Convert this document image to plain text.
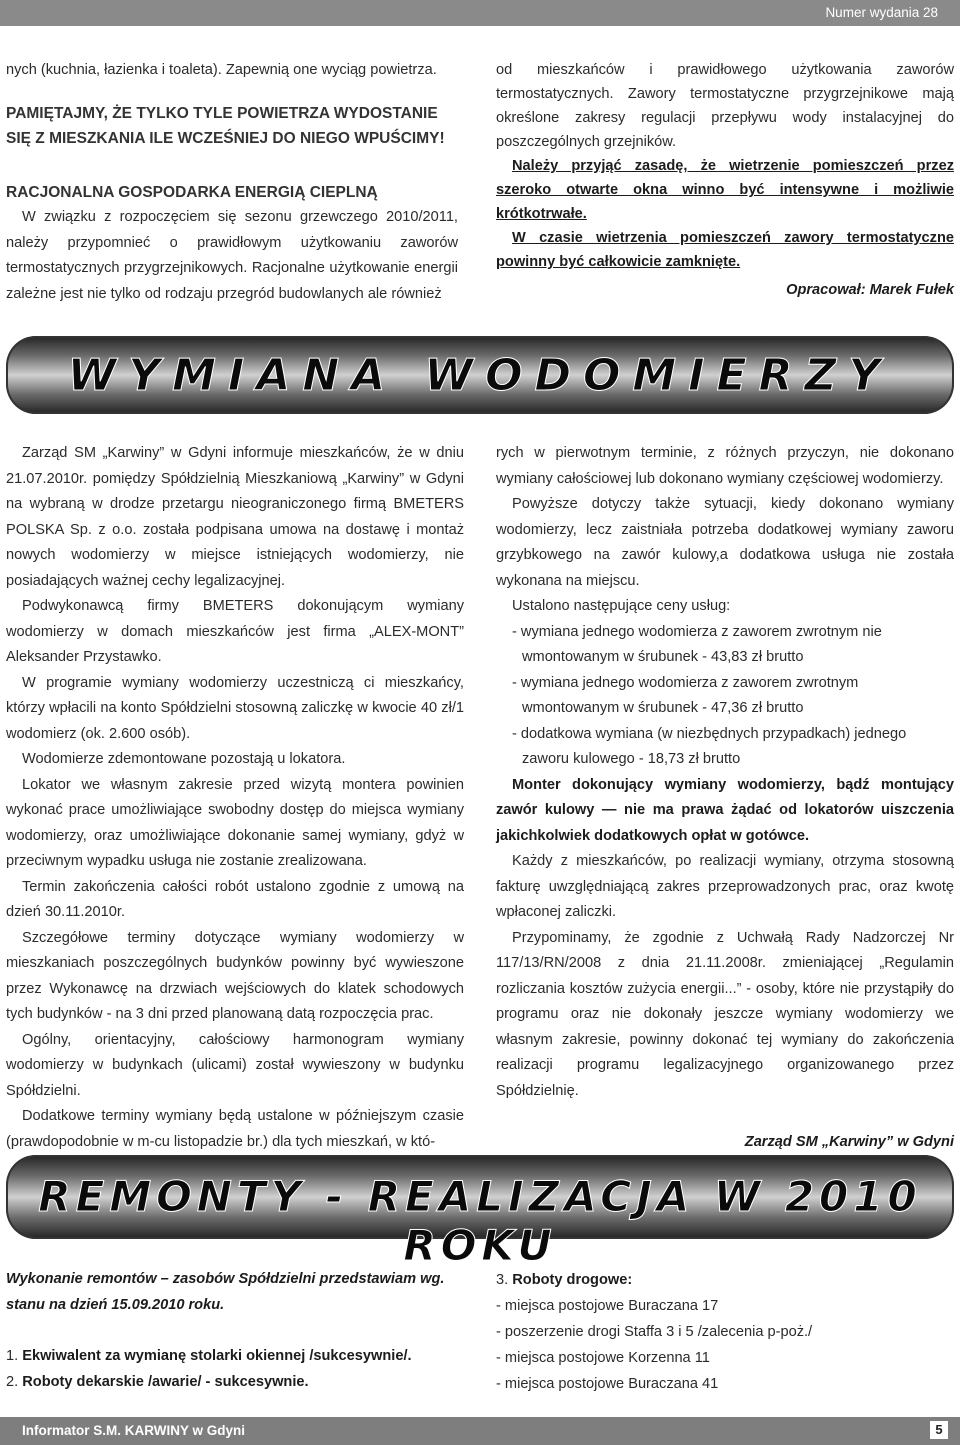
Numer wydania 28

nych (kuchnia, łazienka i toaleta). Zapewnią one wyciąg powietrza.

PAMIĘTAJMY, ŻE TYLKO TYLE POWIETRZA WYDOSTANIE SIĘ Z MIESZKANIA ILE WCZEŚNIEJ DO NIEGO WPUŚCIMY!

RACJONALNA GOSPODARKA ENERGIĄ CIEPLNĄ

W związku z rozpoczęciem się sezonu grzewczego 2010/2011, należy przypomnieć o prawidłowym użytkowaniu zaworów termostatycznych przygrzejnikowych. Racjonalne użytkowanie energii zależne jest nie tylko od rodzaju przegród budowlanych ale również

od mieszkańców i prawidłowego użytkowania zaworów termostatycznych. Zawory termostatyczne przygrzejnikowe mają określone zakresy regulacji przepływu wody instalacyjnej do poszczególnych grzejników.

Należy przyjąć zasadę, że wietrzenie pomieszczeń przez szeroko otwarte okna winno być intensywne i możliwie krótkotrwałe.

W czasie wietrzenia pomieszczeń zawory termostatyczne powinny być całkowicie zamknięte.

Opracował: Marek Fułek

WYMIANA WODOMIERZY

Zarząd SM „Karwiny” w Gdyni informuje mieszkańców, że w dniu 21.07.2010r. pomiędzy Spółdzielnią Mieszkaniową „Karwiny” w Gdyni na wybraną w drodze przetargu nieograniczonego firmą BMETERS POLSKA Sp. z o.o. została podpisana umowa na dostawę i montaż nowych wodomierzy w miejsce istniejących wodomierzy, nie posiadających ważnej cechy legalizacyjnej.

Podwykonawcą firmy BMETERS dokonującym wymiany wodomierzy w domach mieszkańców jest firma „ALEX-MONT” Aleksander Przystawko.

W programie wymiany wodomierzy uczestniczą ci mieszkańcy, którzy wpłacili na konto Spółdzielni stosowną zaliczkę w kwocie 40 zł/1 wodomierz (ok. 2.600 osób).

Wodomierze zdemontowane pozostają u lokatora.

Lokator we własnym zakresie przed wizytą montera powinien wykonać prace umożliwiające swobodny dostęp do miejsca wymiany wodomierzy, oraz umożliwiające dokonanie samej wymiany, gdyż w przeciwnym wypadku usługa nie zostanie zrealizowana.

Termin zakończenia całości robót ustalono zgodnie z umową na dzień 30.11.2010r.

Szczegółowe terminy dotyczące wymiany wodomierzy w mieszkaniach poszczególnych budynków powinny być wywieszone przez Wykonawcę na drzwiach wejściowych do klatek schodowych tych budynków - na 3 dni przed planowaną datą rozpoczęcia prac.

Ogólny, orientacyjny, całościowy harmonogram wymiany wodomierzy w budynkach (ulicami) został wywieszony w budynku Spółdzielni.

Dodatkowe terminy wymiany będą ustalone w późniejszym czasie (prawdopodobnie w m-cu listopadzie br.) dla tych mieszkań, w któ-

rych w pierwotnym terminie, z różnych przyczyn, nie dokonano wymiany całościowej lub dokonano wymiany częściowej wodomierzy.

Powyższe dotyczy także sytuacji, kiedy dokonano wymiany wodomierzy, lecz zaistniała potrzeba dodatkowej wymiany zaworu grzybkowego na zawór kulowy,a dodatkowa usługa nie została wykonana na miejscu.

Ustalono następujące ceny usług:

- wymiana jednego wodomierza z zaworem zwrotnym nie wmontowanym w śrubunek - 43,83 zł brutto

- wymiana jednego wodomierza z zaworem zwrotnym wmontowanym w śrubunek - 47,36 zł brutto

- dodatkowa wymiana (w niezbędnych przypadkach) jednego zaworu kulowego - 18,73 zł brutto

Monter dokonujący wymiany wodomierzy, bądź montujący zawór kulowy — nie ma prawa żądać od lokatorów uiszczenia jakichkolwiek dodatkowych opłat w gotówce.

Każdy z mieszkańców, po realizacji wymiany, otrzyma stosowną fakturę uwzględniającą zakres przeprowadzonych prac, oraz kwotę wpłaconej zaliczki.

Przypominamy, że zgodnie z Uchwałą Rady Nadzorczej Nr 117/13/RN/2008 z dnia 21.11.2008r. zmieniającej „Regulamin rozliczania kosztów zużycia energii...” - osoby, które nie przystąpiły do programu oraz nie dokonały jeszcze wymiany wodomierzy we własnym zakresie, powinny dokonać tej wymiany do zakończenia realizacji programu legalizacyjnego organizowanego przez Spółdzielnię.

Zarząd SM „Karwiny” w Gdyni

REMONTY - REALIZACJA W 2010 ROKU

Wykonanie remontów – zasobów Spółdzielni przedstawiam wg. stanu na dzień 15.09.2010 roku.

1. Ekwiwalent za wymianę stolarki okiennej /sukcesywnie/.

2. Roboty dekarskie /awarie/ - sukcesywnie.

3. Roboty drogowe:

- miejsca postojowe Buraczana 17

- poszerzenie drogi Staffa 3 i 5 /zalecenia p-poż./

- miejsca postojowe Korzenna 11

- miejsca postojowe Buraczana 41

Informator S.M. KARWINY w Gdyni	5
